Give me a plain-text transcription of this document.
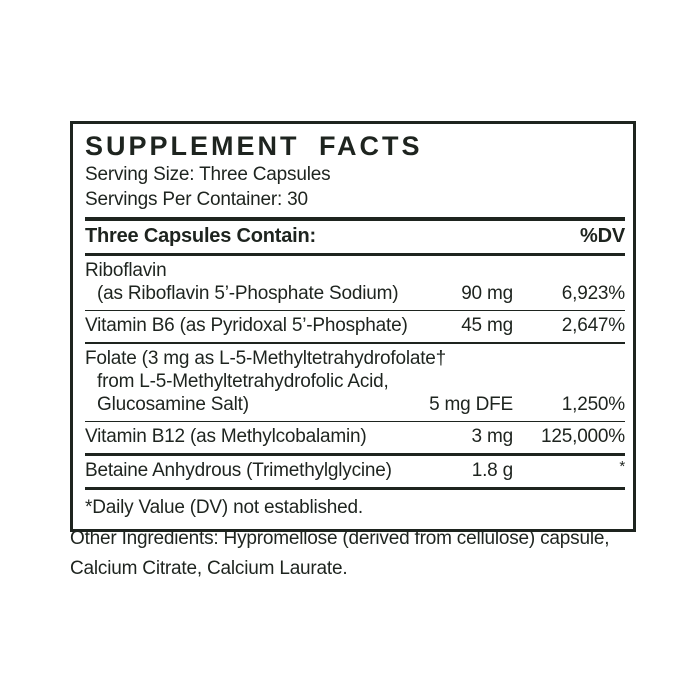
SUPPLEMENT FACTS
Serving Size: Three Capsules
Servings Per Container: 30
Three Capsules Contain:	%DV
Riboflavin
(as Riboflavin 5’-Phosphate Sodium)	90 mg	6,923%
Vitamin B6 (as Pyridoxal 5’-Phosphate)	45 mg	2,647%
Folate (3 mg as L-5-Methyltetrahydrofolate†
from L-5-Methyltetrahydrofolic Acid,
Glucosamine Salt)	5 mg DFE	1,250%
Vitamin B12 (as Methylcobalamin)	3 mg	125,000%
Betaine Anhydrous (Trimethylglycine)	1.8 g	*
*Daily Value (DV) not established.
Other Ingredients: Hypromellose (derived from cellulose) capsule, Calcium Citrate, Calcium Laurate.
